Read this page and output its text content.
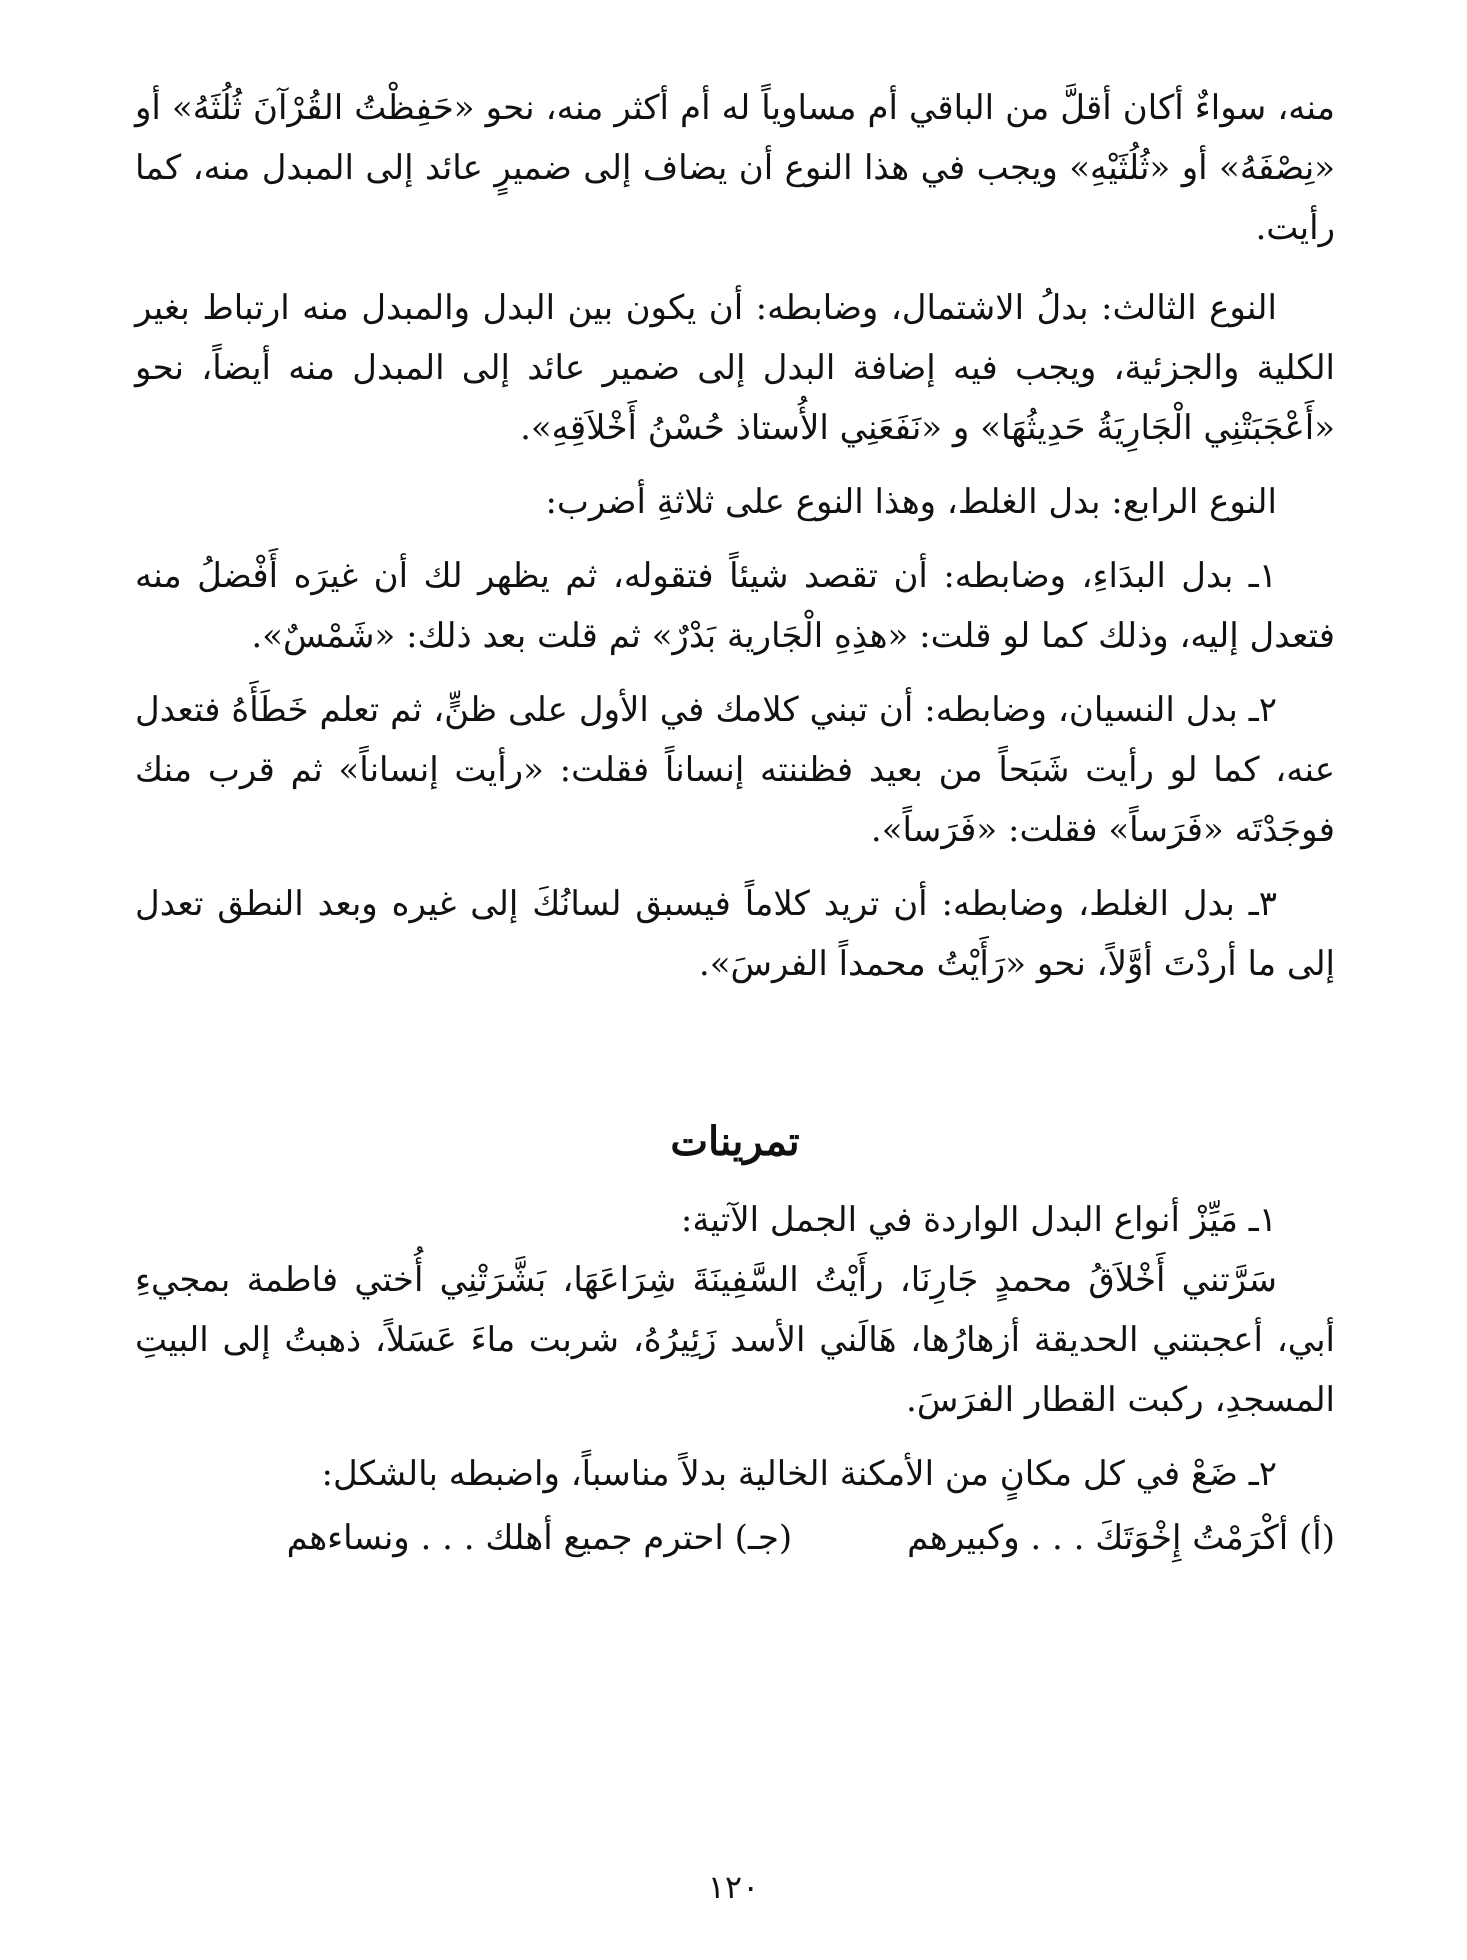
منه، سواءٌ أكان أقلَّ من الباقي أم مساوياً له أم أكثر منه، نحو «حَفِظْتُ القُرْآنَ ثُلُثَهُ» أو «نِصْفَهُ» أو «ثُلُثَيْهِ» ويجب في هذا النوع أن يضاف إلى ضميرٍ عائد إلى المبدل منه، كما رأيت.

النوع الثالث: بدلُ الاشتمال، وضابطه: أن يكون بين البدل والمبدل منه ارتباط بغير الكلية والجزئية، ويجب فيه إضافة البدل إلى ضمير عائد إلى المبدل منه أيضاً، نحو «أَعْجَبَتْنِي الْجَارِيَةُ حَدِيثُهَا» و «نَفَعَنِي الأُستاذ حُسْنُ أَخْلاَقِهِ».

النوع الرابع: بدل الغلط، وهذا النوع على ثلاثةِ أضرب:

١ـ بدل البدَاءِ، وضابطه: أن تقصد شيئاً فتقوله، ثم يظهر لك أن غيرَه أَفْضلُ منه فتعدل إليه، وذلك كما لو قلت: «هذِهِ الْجَارية بَدْرٌ» ثم قلت بعد ذلك: «شَمْسٌ».

٢ـ بدل النسيان، وضابطه: أن تبني كلامك في الأول على ظنٍّ، ثم تعلم خَطَأَهُ فتعدل عنه، كما لو رأيت شَبَحاً من بعيد فظننته إنساناً فقلت: «رأيت إنساناً» ثم قرب منك فوجَدْتَه «فَرَساً» فقلت: «فَرَساً».

٣ـ بدل الغلط، وضابطه: أن تريد كلاماً فيسبق لسانُكَ إلى غيره وبعد النطق تعدل إلى ما أردْتَ أوَّلاً، نحو «رَأَيْتُ محمداً الفرسَ».

تمرينات

١ـ مَيِّزْ أنواع البدل الواردة في الجمل الآتية:

سَرَّتني أَخْلاَقُ محمدٍ جَارِنَا، رأَيْتُ السَّفِينَةَ شِرَاعَهَا، بَشَّرَتْنِي أُختي فاطمة بمجيءِ أبي، أعجبتني الحديقة أزهارُها، هَالَني الأسد زَئِيرُهُ، شربت ماءَ عَسَلاً، ذهبتُ إلى البيتِ المسجدِ، ركبت القطار الفرَسَ.

٢ـ ضَعْ في كل مكانٍ من الأمكنة الخالية بدلاً مناسباً، واضبطه بالشكل:

(أ) أكْرَمْتُ إِخْوَتَكَ . . . وكبيرهم
(جـ) احترم جميع أهلك . . . ونساءهم
١٢٠
